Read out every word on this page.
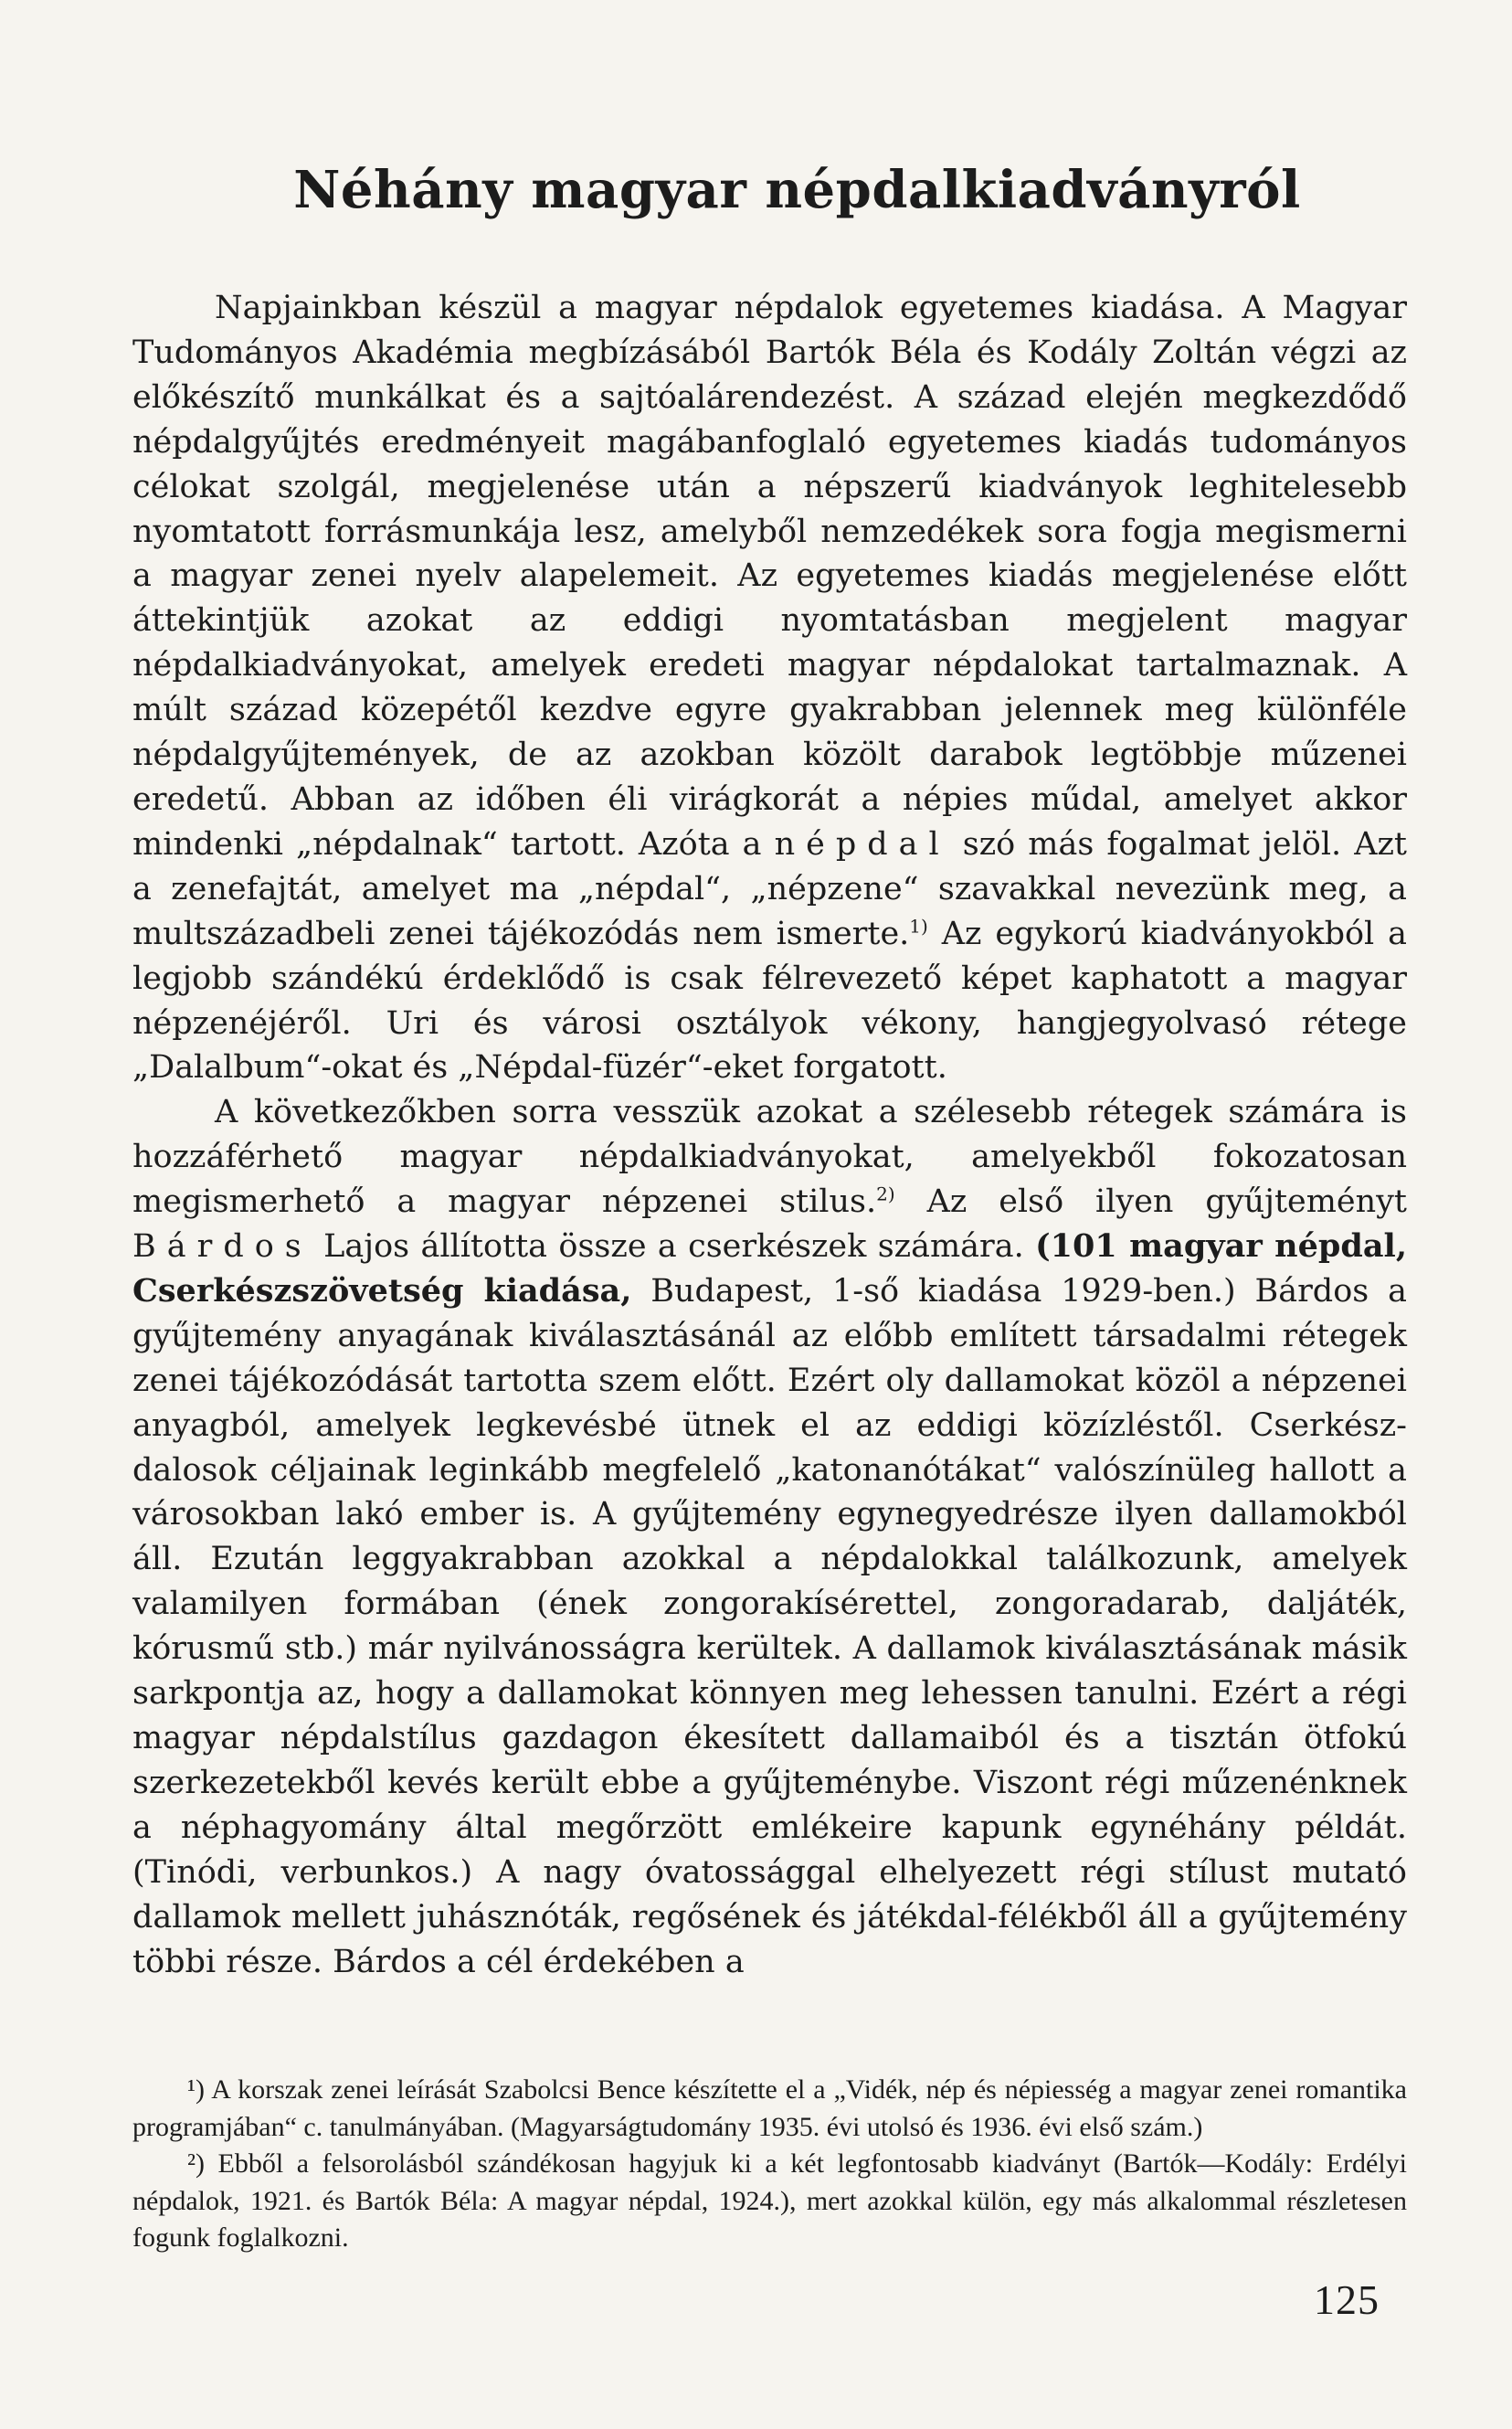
Néhány magyar népdalkiadványról

Napjainkban készül a magyar népdalok egyetemes kiadása. A Magyar Tudományos Akadémia megbízásából Bartók Béla és Kodály Zoltán végzi az előkészítő munkálkat és a sajtóalárendezést. A század elején megkezdődő népdalgyűjtés eredményeit magábanfoglaló egyetemes kiadás tudományos célokat szolgál, megjelenése után a népszerű kiadványok leghitelesebb nyomtatott forrásmunkája lesz, amelyből nemzedékek sora fogja megismerni a magyar zenei nyelv alapelemeit. Az egyetemes kiadás megjelenése előtt áttekintjük azokat az eddigi nyomtatásban megjelent magyar népdalkiadványokat, amelyek eredeti magyar népdalokat tartalmaznak. A múlt század közepétől kezdve egyre gyakrabban jelennek meg különféle népdalgyűjtemények, de az azokban közölt darabok legtöbbje műzenei eredetű. Abban az időben éli virágkorát a népies műdal, amelyet akkor mindenki „népdalnak“ tartott. Azóta a népdal szó más fogalmat jelöl. Azt a zenefajtát, amelyet ma „népdal“, „népzene“ szavakkal nevezünk meg, a multszázadbeli zenei tájékozódás nem ismerte.$^{1)}$ Az egykorú kiadványokból a legjobb szándékú érdeklődő is csak félrevezető képet kaphatott a magyar népzenéjéről. Uri és városi osztályok vékony, hangjegyolvasó rétege „Dalalbum“-okat és „Népdal-füzér“-eket forgatott.

A következőkben sorra vesszük azokat a szélesebb rétegek számára is hozzáférhető magyar népdalkiadványokat, amelyekből fokozatosan megismerhető a magyar népzenei stilus.$^{2)}$ Az első ilyen gyűjteményt Bárdos Lajos állította össze a cserkészek számára. (101 magyar népdal, Cserkészszövetség kiadása, Budapest, 1-ső kiadása 1929-ben.) Bárdos a gyűjtemény anyagának kiválasztásánál az előbb említett társadalmi rétegek zenei tájékozódását tartotta szem előtt. Ezért oly dallamokat közöl a népzenei anyagból, amelyek legkevésbé ütnek el az eddigi közízléstől. Cserkész-dalosok céljainak leginkább megfelelő „katonanótákat“ valószínüleg hallott a városokban lakó ember is. A gyűjtemény egynegyedrésze ilyen dallamokból áll. Ezután leggyakrabban azokkal a népdalokkal találkozunk, amelyek valamilyen formában (ének zongorakísérettel, zongoradarab, daljáték, kórusmű stb.) már nyilvánosságra kerültek. A dallamok kiválasztásának másik sarkpontja az, hogy a dallamokat könnyen meg lehessen tanulni. Ezért a régi magyar népdalstílus gazdagon ékesített dallamaiból és a tisztán ötfokú szerkezetekből kevés került ebbe a gyűjteménybe. Viszont régi műzenénknek a néphagyomány által megőrzött emlékeire kapunk egynéhány példát. (Tinódi, verbunkos.) A nagy óvatossággal elhelyezett régi stílust mutató dallamok mellett juhásznóták, regősének és játékdal-félékből áll a gyűjtemény többi része. Bárdos a cél érdekében a

¹) A korszak zenei leírását Szabolcsi Bence készítette el a „Vidék, nép és népiesség a magyar zenei romantika programjában“ c. tanulmányában. (Magyarságtudomány 1935. évi utolsó és 1936. évi első szám.)

²) Ebből a felsorolásból szándékosan hagyjuk ki a két legfontosabb kiadványt (Bartók—Kodály: Erdélyi népdalok, 1921. és Bartók Béla: A magyar népdal, 1924.), mert azokkal külön, egy más alkalommal részletesen fogunk foglalkozni.

125
